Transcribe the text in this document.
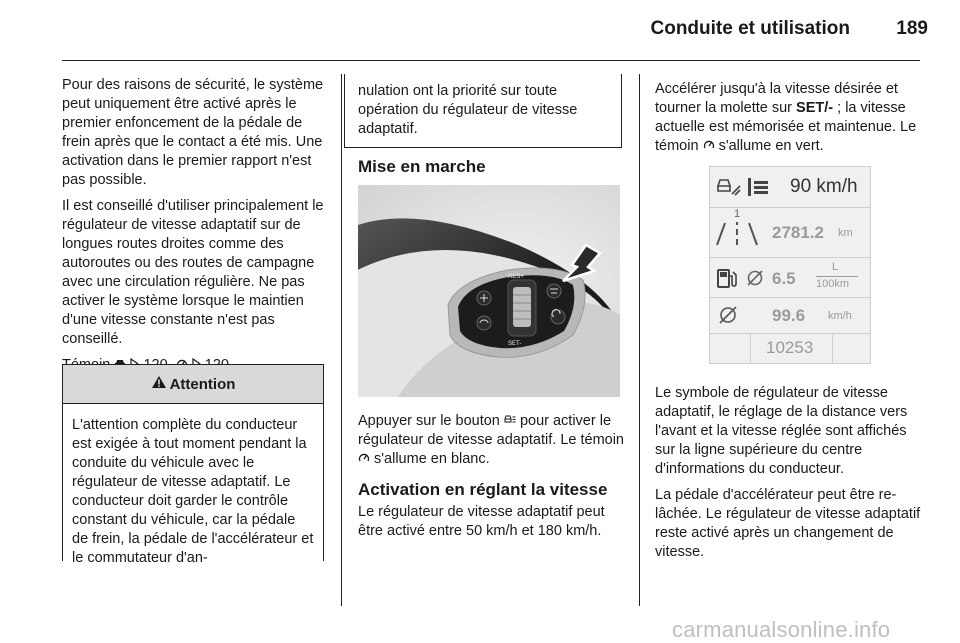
Conduite et utilisation	189

Pour des raisons de sécurité, le système peut uniquement être activé après le premier enfoncement de la pédale de frein après que le contact a été mis. Une activation dans le premier rapport n'est pas possible.

Il est conseillé d'utiliser principalement le régulateur de vitesse adaptatif sur de longues routes droites comme des autoroutes ou des routes de campagne avec une circulation régulière. Ne pas activer le système lorsque le maintien d'une vitesse constante n'est pas conseillé.

Attention
L'attention complète du conducteur est exigée à tout moment pendant la conduite du véhicule avec le régulateur de vitesse adaptatif. Le conducteur doit garder le contrôle constant du véhicule, car la pédale de frein, la pédale de l'accélérateur et le commutateur d'an-

nulation ont la priorité sur toute opération du régulateur de vitesse adaptatif.

Mise en marche
RES+
SET-

Appuyer sur le bouton pour activer le régulateur de vitesse adaptatif. Le témoin  s'allume en blanc.

Activation en réglant la vitesse

Le régulateur de vitesse adaptatif peut être activé entre 50 km/h et 180 km/h.

Accélérer jusqu'à la vitesse désirée et tourner la molette sur SET/- ; la vitesse actuelle est mémorisée et maintenue. Le témoin s'allume en vert.

90 km/h
1
2781.2 km
6.5
L
100km
99.6 km/h
10253

Le symbole de régulateur de vitesse adaptatif, le réglage de la distance vers l'avant et la vitesse réglée sont affichés sur la ligne supérieure du centre d'informations du conducteur.

La pédale d'accélérateur peut être relâchée. Le régulateur de vitesse adaptatif reste activé après un changement de vitesse.

carmanualsonline.info
